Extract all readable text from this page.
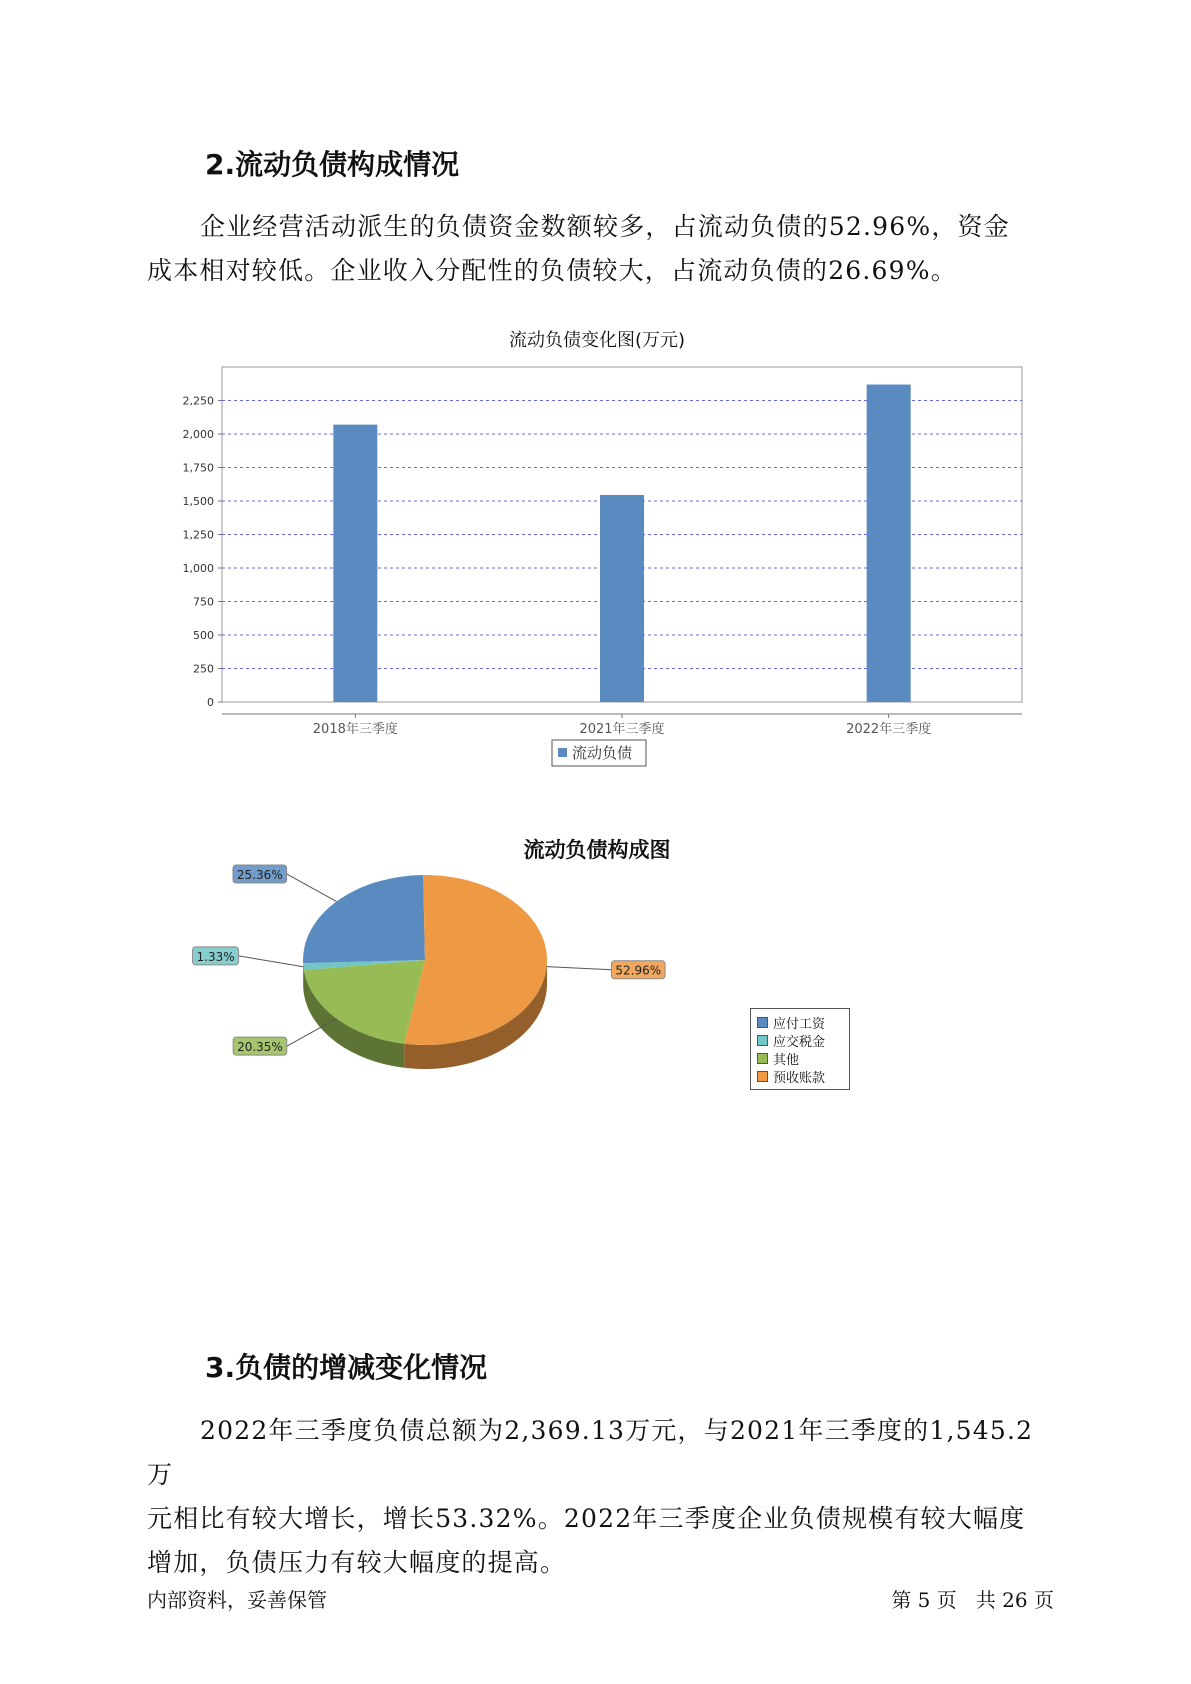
2.流动负债构成情况

企业经营活动派生的负债资金数额较多，占流动负债的52.96%，资金
成本相对较低。企业收入分配性的负债较大，占流动负债的26.69%。

流动负债变化图(万元)
0
250
500
750
1,000
1,250
1,500
1,750
2,000
2,250
2018年三季度	2021年三季度	2022年三季度
流动负债
流动负债构成图
25.36%
1.33%
20.35%
52.96%
应付工资
应交税金
其他
预收账款
3.负债的增减变化情况

2022年三季度负债总额为2,369.13万元，与2021年三季度的1,545.2万
元相比有较大增长，增长53.32%。2022年三季度企业负债规模有较大幅度
增加，负债压力有较大幅度的提高。

内部资料，妥善保管	第 5 页   共 26 页
